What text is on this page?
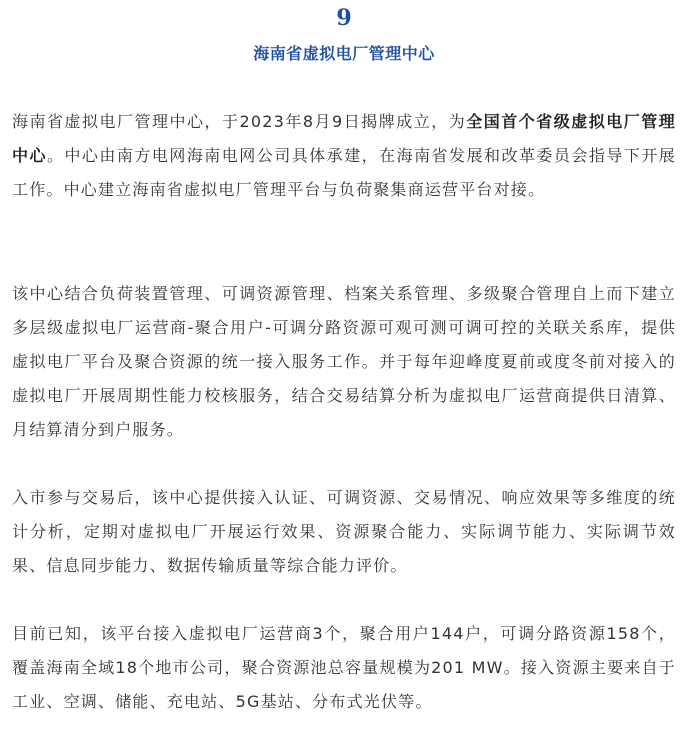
9
海南省虚拟电厂管理中心

海南省虚拟电厂管理中心，于2023年8月9日揭牌成立，为全国首个省级虚拟电厂管理中心。中心由南方电网海南电网公司具体承建，在海南省发展和改革委员会指导下开展工作。中心建立海南省虚拟电厂管理平台与负荷聚集商运营平台对接。

该中心结合负荷装置管理、可调资源管理、档案关系管理、多级聚合管理自上而下建立多层级虚拟电厂运营商-聚合用户-可调分路资源可观可测可调可控的关联关系库，提供虚拟电厂平台及聚合资源的统一接入服务工作。并于每年迎峰度夏前或度冬前对接入的虚拟电厂开展周期性能力校核服务，结合交易结算分析为虚拟电厂运营商提供日清算、月结算清分到户服务。

入市参与交易后，该中心提供接入认证、可调资源、交易情况、响应效果等多维度的统计分析，定期对虚拟电厂开展运行效果、资源聚合能力、实际调节能力、实际调节效果、信息同步能力、数据传输质量等综合能力评价。

目前已知，该平台接入虚拟电厂运营商3个，聚合用户144户，可调分路资源158个，覆盖海南全域18个地市公司，聚合资源池总容量规模为201 MW。接入资源主要来自于工业、空调、储能、充电站、5G基站、分布式光伏等。
